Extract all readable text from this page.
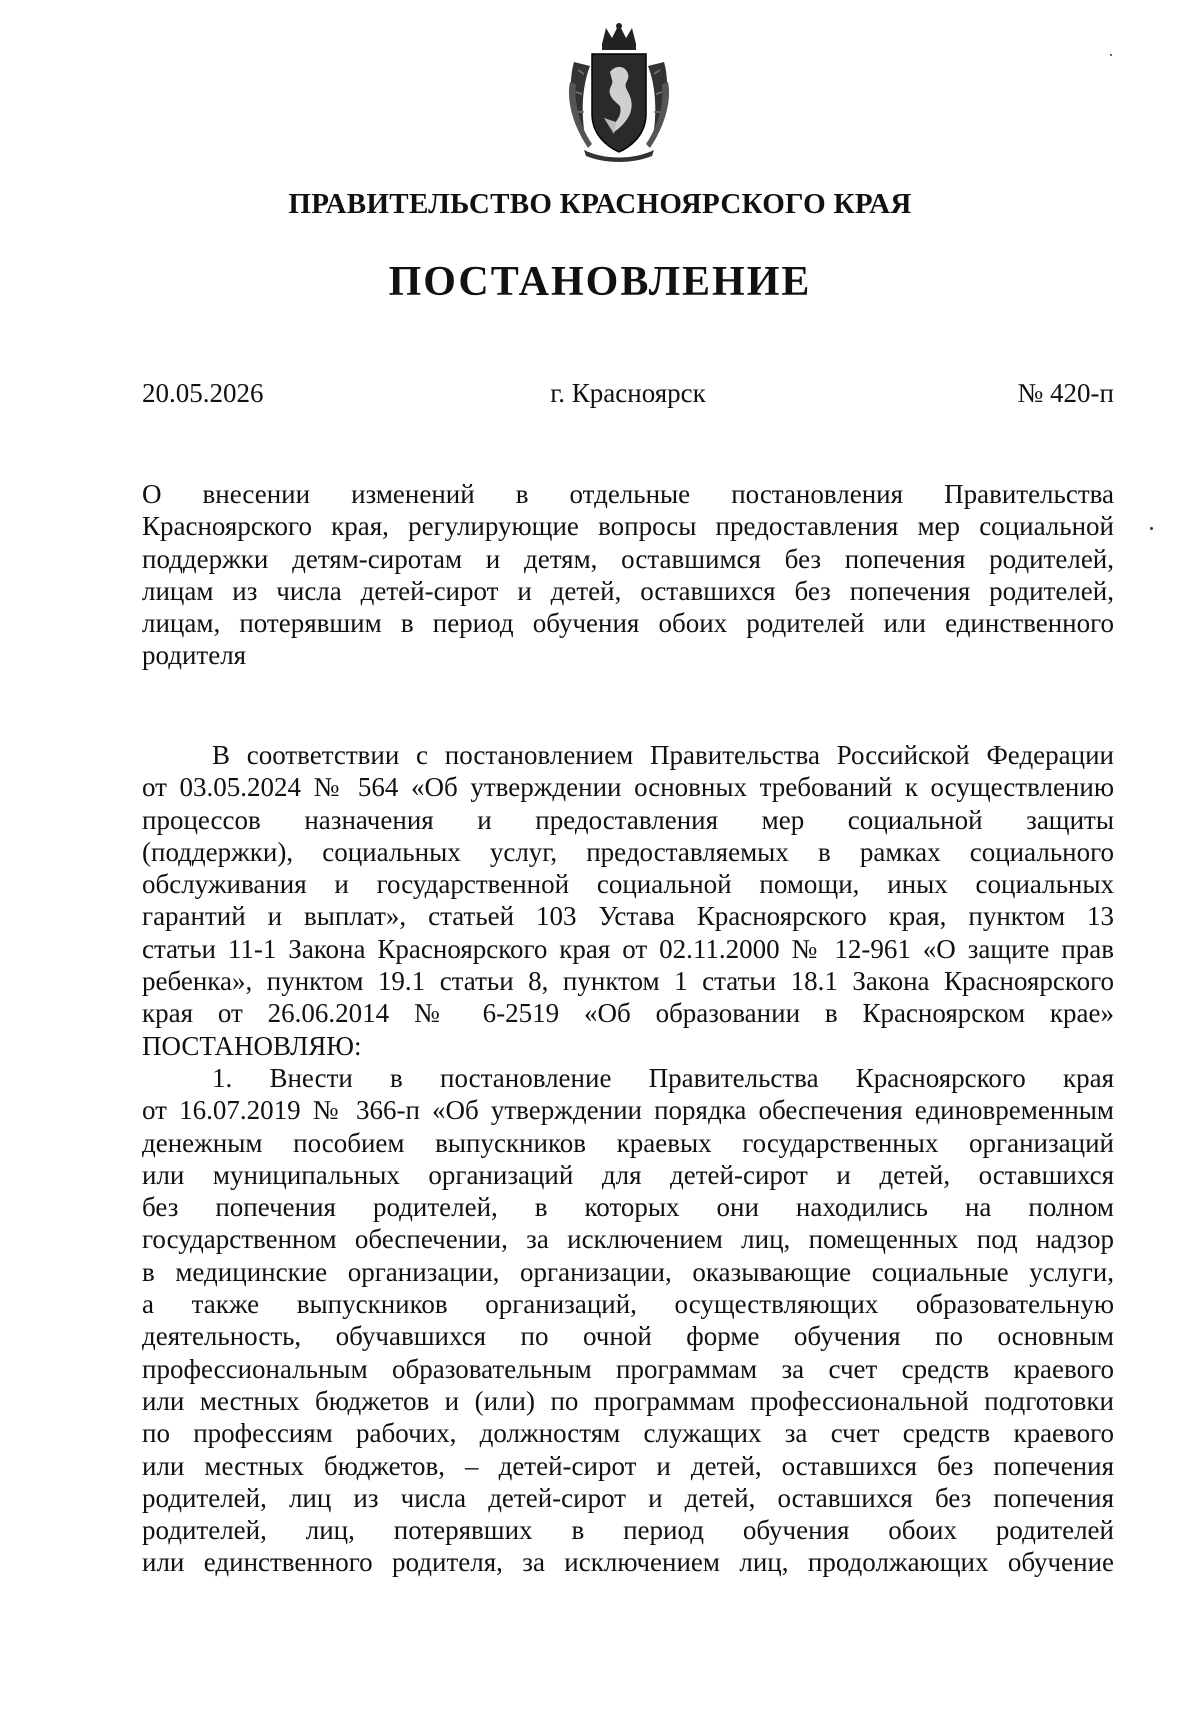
ПРАВИТЕЛЬСТВО КРАСНОЯРСКОГО КРАЯ
ПОСТАНОВЛЕНИЕ
20.05.2026	г. Красноярск	№ 420-п
О внесении изменений в отдельные постановления Правительства
Красноярского края, регулирующие вопросы предоставления мер социальной
поддержки детям-сиротам и детям, оставшимся без попечения родителей,
лицам из числа детей-сирот и детей, оставшихся без попечения родителей,
лицам, потерявшим в период обучения обоих родителей или единственного
родителя
В соответствии с постановлением Правительства Российской Федерации
от 03.05.2024 № 564 «Об утверждении основных требований к осуществлению
процессов назначения и предоставления мер социальной защиты
(поддержки), социальных услуг, предоставляемых в рамках социального
обслуживания и государственной социальной помощи, иных социальных
гарантий и выплат», статьей 103 Устава Красноярского края, пунктом 13
статьи 11-1 Закона Красноярского края от 02.11.2000 № 12-961 «О защите прав
ребенка», пунктом 19.1 статьи 8, пунктом 1 статьи 18.1 Закона Красноярского
края от 26.06.2014 № 6-2519 «Об образовании в Красноярском крае»
ПОСТАНОВЛЯЮ:
1. Внести в постановление Правительства Красноярского края
от 16.07.2019 № 366-п «Об утверждении порядка обеспечения единовременным
денежным пособием выпускников краевых государственных организаций
или муниципальных организаций для детей-сирот и детей, оставшихся
без попечения родителей, в которых они находились на полном
государственном обеспечении, за исключением лиц, помещенных под надзор
в медицинские организации, организации, оказывающие социальные услуги,
а также выпускников организаций, осуществляющих образовательную
деятельность, обучавшихся по очной форме обучения по основным
профессиональным образовательным программам за счет средств краевого
или местных бюджетов и (или) по программам профессиональной подготовки
по профессиям рабочих, должностям служащих за счет средств краевого
или местных бюджетов, – детей-сирот и детей, оставшихся без попечения
родителей, лиц из числа детей-сирот и детей, оставшихся без попечения
родителей, лиц, потерявших в период обучения обоих родителей
или единственного родителя, за исключением лиц, продолжающих обучение
